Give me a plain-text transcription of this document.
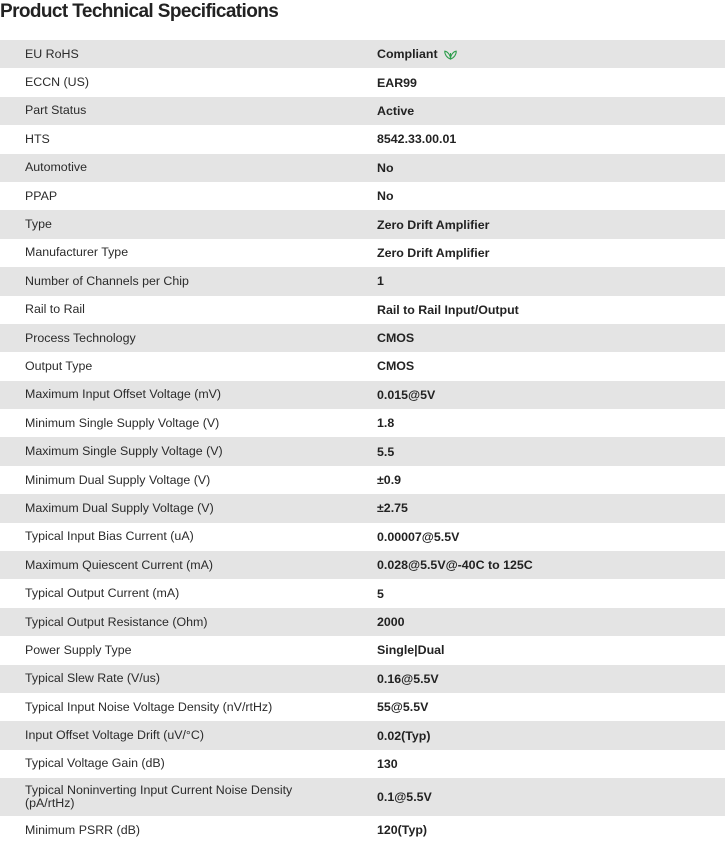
Product Technical Specifications
EU RoHS	Compliant
ECCN (US)	EAR99
Part Status	Active
HTS	8542.33.00.01
Automotive	No
PPAP	No
Type	Zero Drift Amplifier
Manufacturer Type	Zero Drift Amplifier
Number of Channels per Chip	1
Rail to Rail	Rail to Rail Input/Output
Process Technology	CMOS
Output Type	CMOS
Maximum Input Offset Voltage (mV)	0.015@5V
Minimum Single Supply Voltage (V)	1.8
Maximum Single Supply Voltage (V)	5.5
Minimum Dual Supply Voltage (V)	±0.9
Maximum Dual Supply Voltage (V)	±2.75
Typical Input Bias Current (uA)	0.00007@5.5V
Maximum Quiescent Current (mA)	0.028@5.5V@-40C to 125C
Typical Output Current (mA)	5
Typical Output Resistance (Ohm)	2000
Power Supply Type	Single|Dual
Typical Slew Rate (V/us)	0.16@5.5V
Typical Input Noise Voltage Density (nV/rtHz)	55@5.5V
Input Offset Voltage Drift (uV/°C)	0.02(Typ)
Typical Voltage Gain (dB)	130
Typical Noninverting Input Current Noise Density (pA/rtHz)	0.1@5.5V
Minimum PSRR (dB)	120(Typ)
